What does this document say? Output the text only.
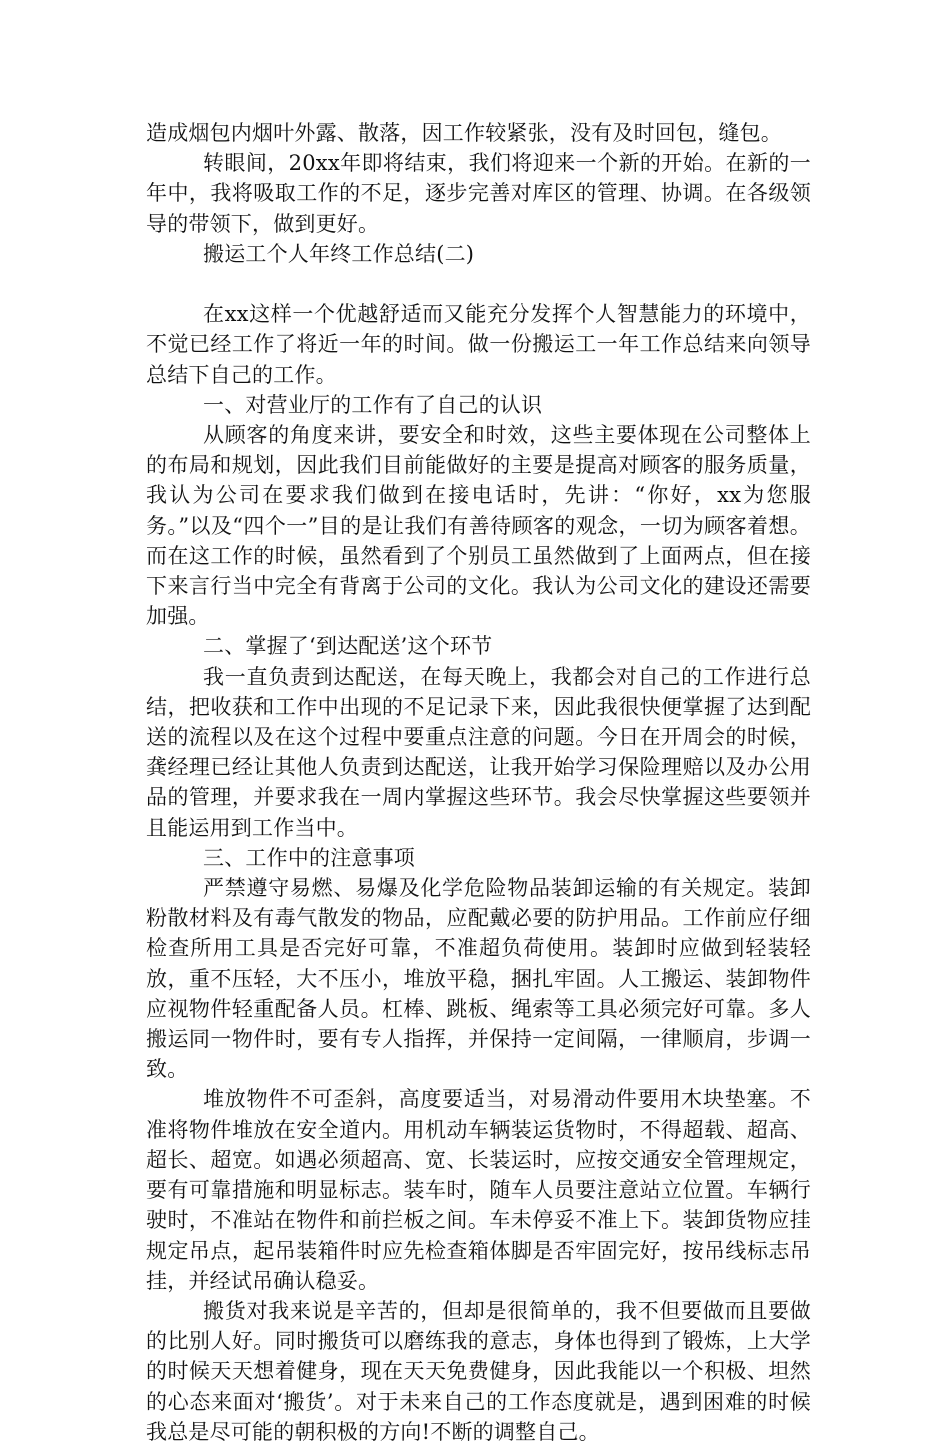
造成烟包内烟叶外露、散落，因工作较紧张，没有及时回包，缝包。

转眼间，20xx年即将结束，我们将迎来一个新的开始。在新的一年中，我将吸取工作的不足，逐步完善对库区的管理、协调。在各级领导的带领下，做到更好。

搬运工个人年终工作总结(二)

在xx这样一个优越舒适而又能充分发挥个人智慧能力的环境中，不觉已经工作了将近一年的时间。做一份搬运工一年工作总结来向领导总结下自己的工作。

一、对营业厅的工作有了自己的认识

从顾客的角度来讲，要安全和时效，这些主要体现在公司整体上的布局和规划，因此我们目前能做好的主要是提高对顾客的服务质量，我认为公司在要求我们做到在接电话时，先讲：“你好，xx为您服务。”以及“四个一”目的是让我们有善待顾客的观念，一切为顾客着想。而在这工作的时候，虽然看到了个别员工虽然做到了上面两点，但在接下来言行当中完全有背离于公司的文化。我认为公司文化的建设还需要加强。

二、掌握了‘到达配送’这个环节

我一直负责到达配送，在每天晚上，我都会对自己的工作进行总结，把收获和工作中出现的不足记录下来，因此我很快便掌握了达到配送的流程以及在这个过程中要重点注意的问题。今日在开周会的时候，龚经理已经让其他人负责到达配送，让我开始学习保险理赔以及办公用品的管理，并要求我在一周内掌握这些环节。我会尽快掌握这些要领并且能运用到工作当中。

三、工作中的注意事项

严禁遵守易燃、易爆及化学危险物品装卸运输的有关规定。装卸粉散材料及有毒气散发的物品，应配戴必要的防护用品。工作前应仔细检查所用工具是否完好可靠，不准超负荷使用。装卸时应做到轻装轻放，重不压轻，大不压小，堆放平稳，捆扎牢固。人工搬运、装卸物件应视物件轻重配备人员。杠棒、跳板、绳索等工具必须完好可靠。多人搬运同一物件时，要有专人指挥，并保持一定间隔，一律顺肩，步调一致。

堆放物件不可歪斜，高度要适当，对易滑动件要用木块垫塞。不准将物件堆放在安全道内。用机动车辆装运货物时，不得超载、超高、超长、超宽。如遇必须超高、宽、长装运时，应按交通安全管理规定，要有可靠措施和明显标志。装车时，随车人员要注意站立位置。车辆行驶时，不准站在物件和前拦板之间。车未停妥不准上下。装卸货物应挂规定吊点，起吊装箱件时应先检查箱体脚是否牢固完好，按吊线标志吊挂，并经试吊确认稳妥。

搬货对我来说是辛苦的，但却是很简单的，我不但要做而且要做的比别人好。同时搬货可以磨练我的意志，身体也得到了锻炼，上大学的时候天天想着健身，现在天天免费健身，因此我能以一个积极、坦然的心态来面对‘搬货’。对于未来自己的工作态度就是，遇到困难的时候我总是尽可能的朝积极的方向!不断的调整自己。
